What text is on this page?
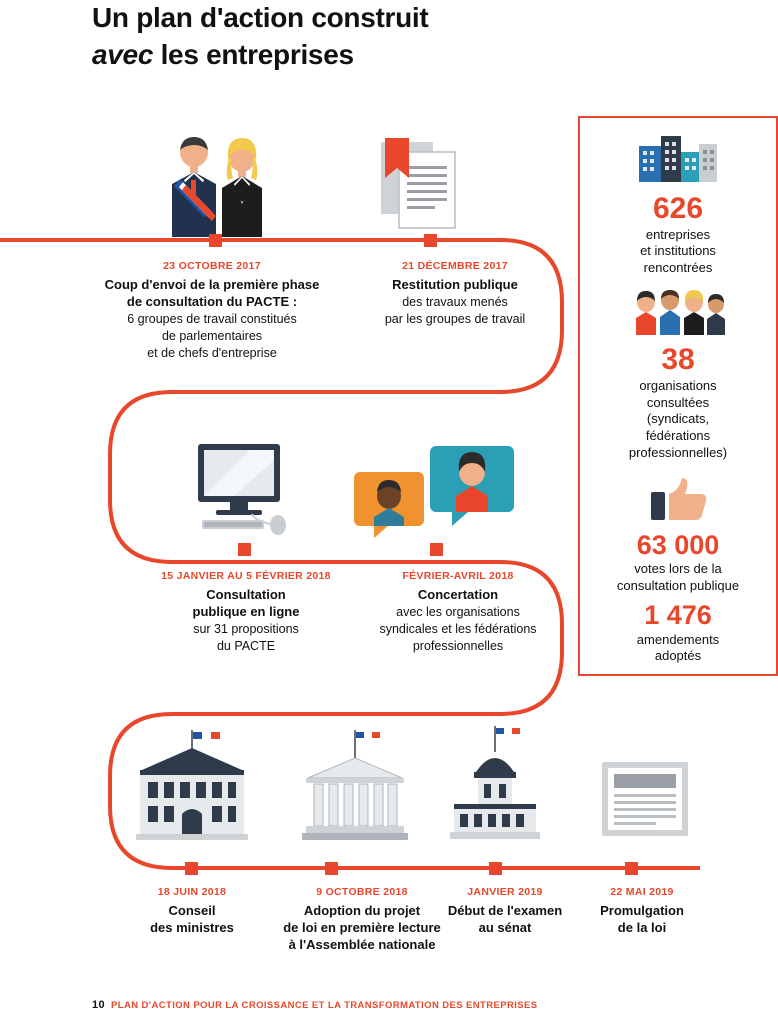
Un plan d'action construit
avec les entreprises
23 OCTOBRE 2017
Coup d'envoi de la première phase
de consultation du PACTE :
6 groupes de travail constitués
de parlementaires
et de chefs d'entreprise
21 DÉCEMBRE 2017
Restitution publique
des travaux menés
par les groupes de travail
15 JANVIER AU 5 FÉVRIER 2018
Consultation
publique en ligne
sur 31 propositions
du PACTE
FÉVRIER-AVRIL 2018
Concertation
avec les organisations
syndicales et les fédérations
professionnelles
18 JUIN 2018
Conseil
des ministres
9 OCTOBRE 2018
Adoption du projet
de loi en première lecture
à l'Assemblée nationale
JANVIER 2019
Début de l'examen
au sénat
22 MAI 2019
Promulgation
de la loi
626
entreprises
et institutions
rencontrées
38
organisations
consultées
(syndicats,
fédérations
professionnelles)
63 000
votes lors de la
consultation publique
1 476
amendements
adoptés
10 PLAN D'ACTION POUR LA CROISSANCE ET LA TRANSFORMATION DES ENTREPRISES
